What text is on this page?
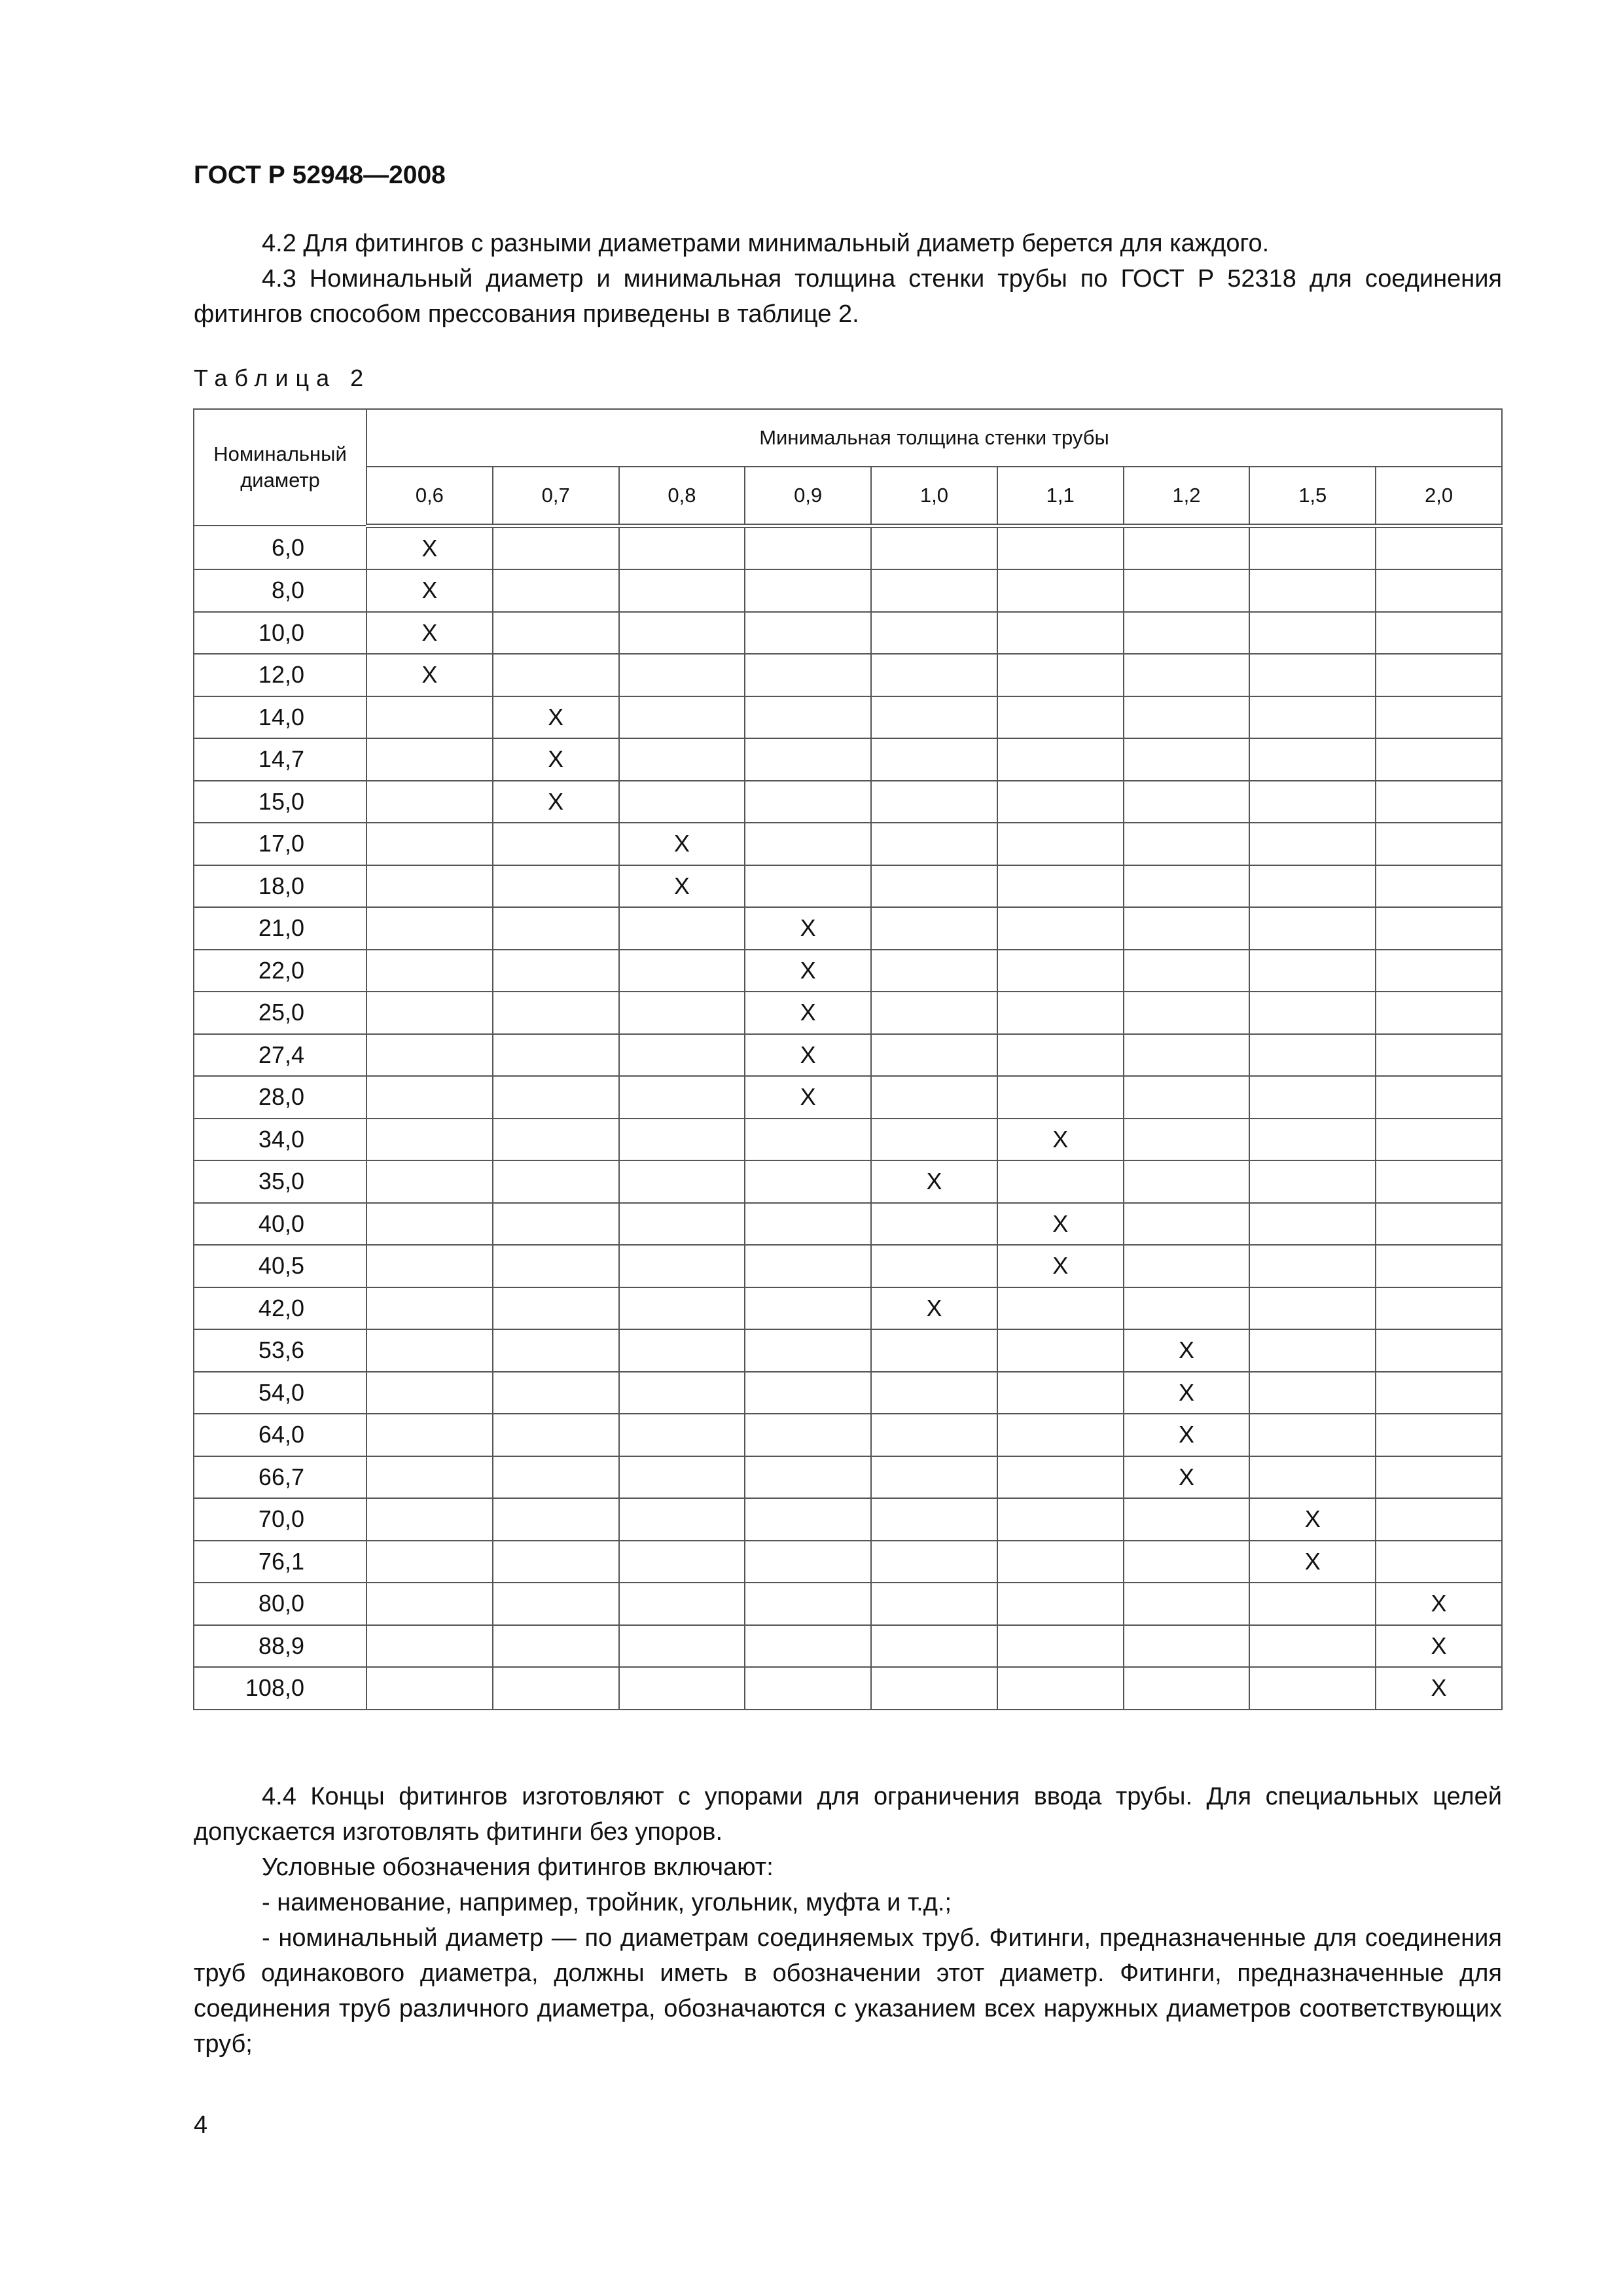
ГОСТ Р 52948—2008

4.2 Для фитингов с разными диаметрами минимальный диаметр берется для каждого.

4.3 Номинальный диаметр и минимальная толщина стенки трубы по ГОСТ Р 52318 для соединения фитингов способом прессования приведены в таблице 2.

Таблица 2
Номинальный диаметр	Минимальная толщина стенки трубы								
	0,6	0,7	0,8	0,9	1,0	1,1	1,2	1,5	2,0
6,0	X								
8,0	X								
10,0	X								
12,0	X								
14,0		X							
14,7		X							
15,0		X							
17,0			X						
18,0			X						
21,0				X					
22,0				X					
25,0				X					
27,4				X					
28,0				X					
34,0						X			
35,0					X				
40,0						X			
40,5						X			
42,0					X				
53,6							X		
54,0							X		
64,0							X		
66,7							X		
70,0								X	
76,1								X	
80,0									X
88,9									X
108,0									X

4.4 Концы фитингов изготовляют с упорами для ограничения ввода трубы. Для специальных целей допускается изготовлять фитинги без упоров.

Условные обозначения фитингов включают:

- наименование, например, тройник, угольник, муфта и т.д.;

- номинальный диаметр — по диаметрам соединяемых труб. Фитинги, предназначенные для соединения труб одинакового диаметра, должны иметь в обозначении этот диаметр. Фитинги, предназначенные для соединения труб различного диаметра, обозначаются с указанием всех наружных диаметров соответствующих труб;

4
